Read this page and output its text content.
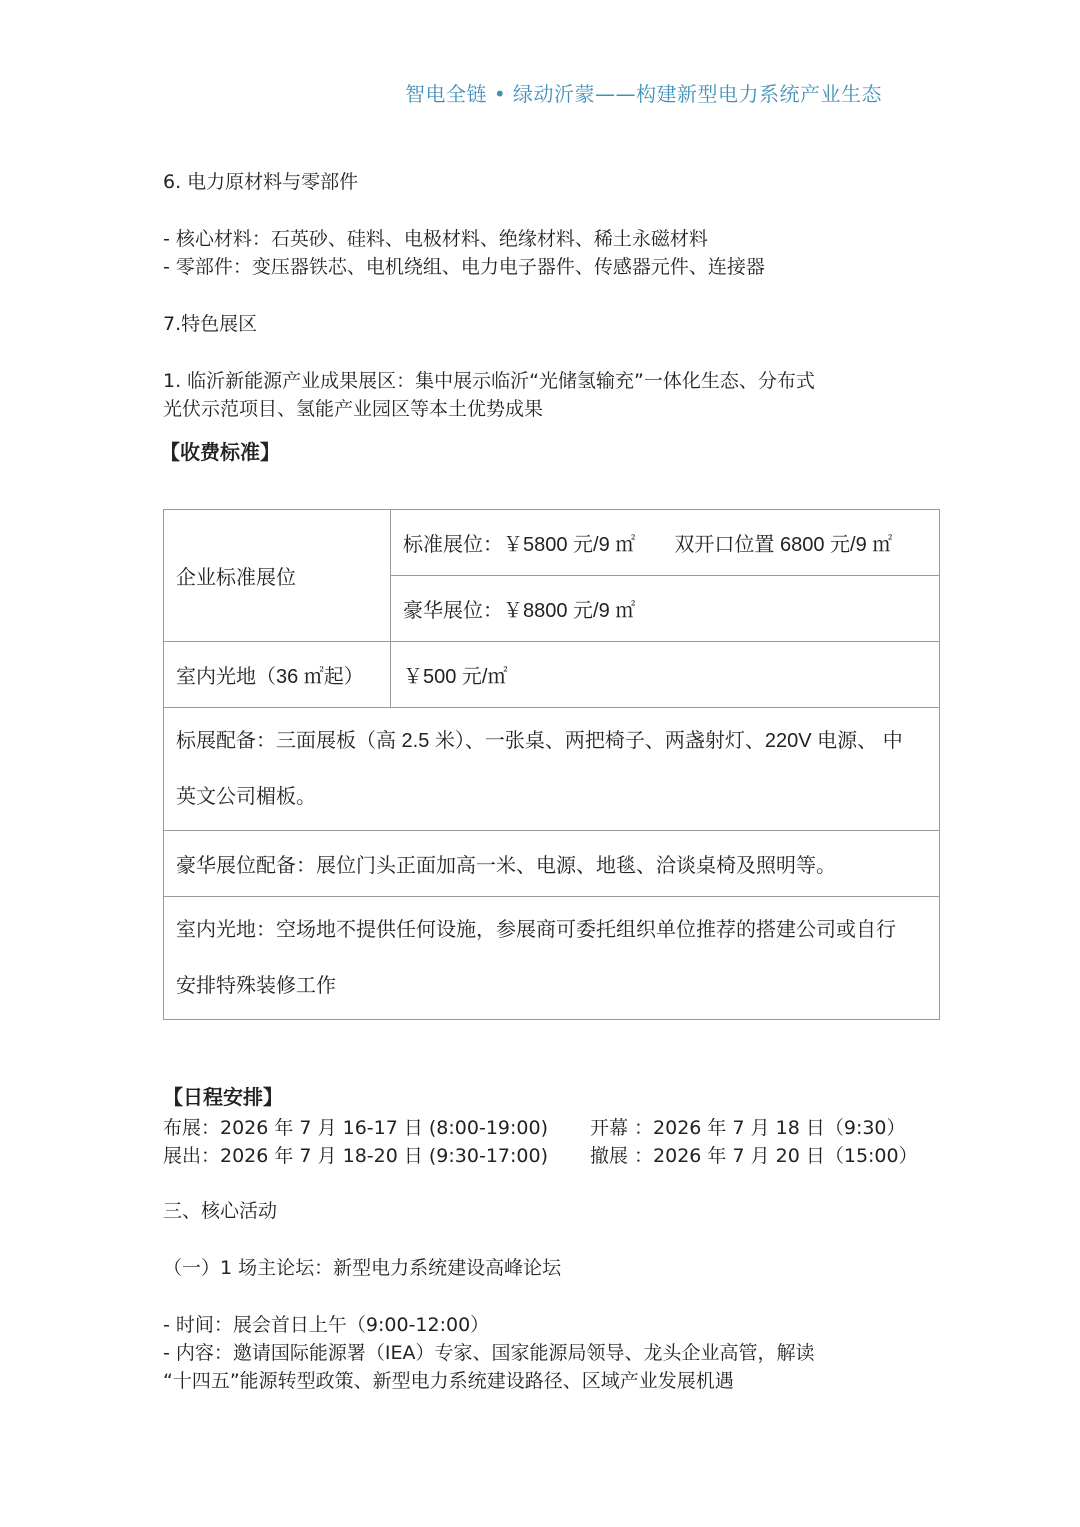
智电全链 • 绿动沂蒙——构建新型电力系统产业生态
6. 电力原材料与零部件
- 核心材料：石英砂、硅料、电极材料、绝缘材料、稀土永磁材料
- 零部件：变压器铁芯、电机绕组、电力电子器件、传感器元件、连接器
7.特色展区
1. 临沂新能源产业成果展区：集中展示临沂“光储氢输充”一体化生态、分布式
光伏示范项目、氢能产业园区等本土优势成果
【收费标准】
企业标准展位	标准展位：￥5800 元/9 ㎡ 双开口位置 6800 元/9 ㎡
	豪华展位：￥8800 元/9 ㎡
室内光地（36 ㎡起）	￥500 元/㎡

标展配备：三面展板（高 2.5 米）、一张桌、两把椅子、两盏射灯、220V 电源、 中
英文公司楣板。	

豪华展位配备：展位门头正面加高一米、电源、地毯、洽谈桌椅及照明等。	

室内光地：空场地不提供任何设施，参展商可委托组织单位推荐的搭建公司或自行
安排特殊装修工作	
【日程安排】
布展：2026 年 7 月 16-17 日 (8:00-19:00) 开幕 ：2026 年 7 月 18 日（9:30）
展出：2026 年 7 月 18-20 日 (9:30-17:00) 撤展 ：2026 年 7 月 20 日（15:00）
三、核心活动
（一）1 场主论坛：新型电力系统建设高峰论坛
- 时间：展会首日上午（9:00-12:00）
- 内容：邀请国际能源署（IEA）专家、国家能源局领导、龙头企业高管，解读
“十四五”能源转型政策、新型电力系统建设路径、区域产业发展机遇
